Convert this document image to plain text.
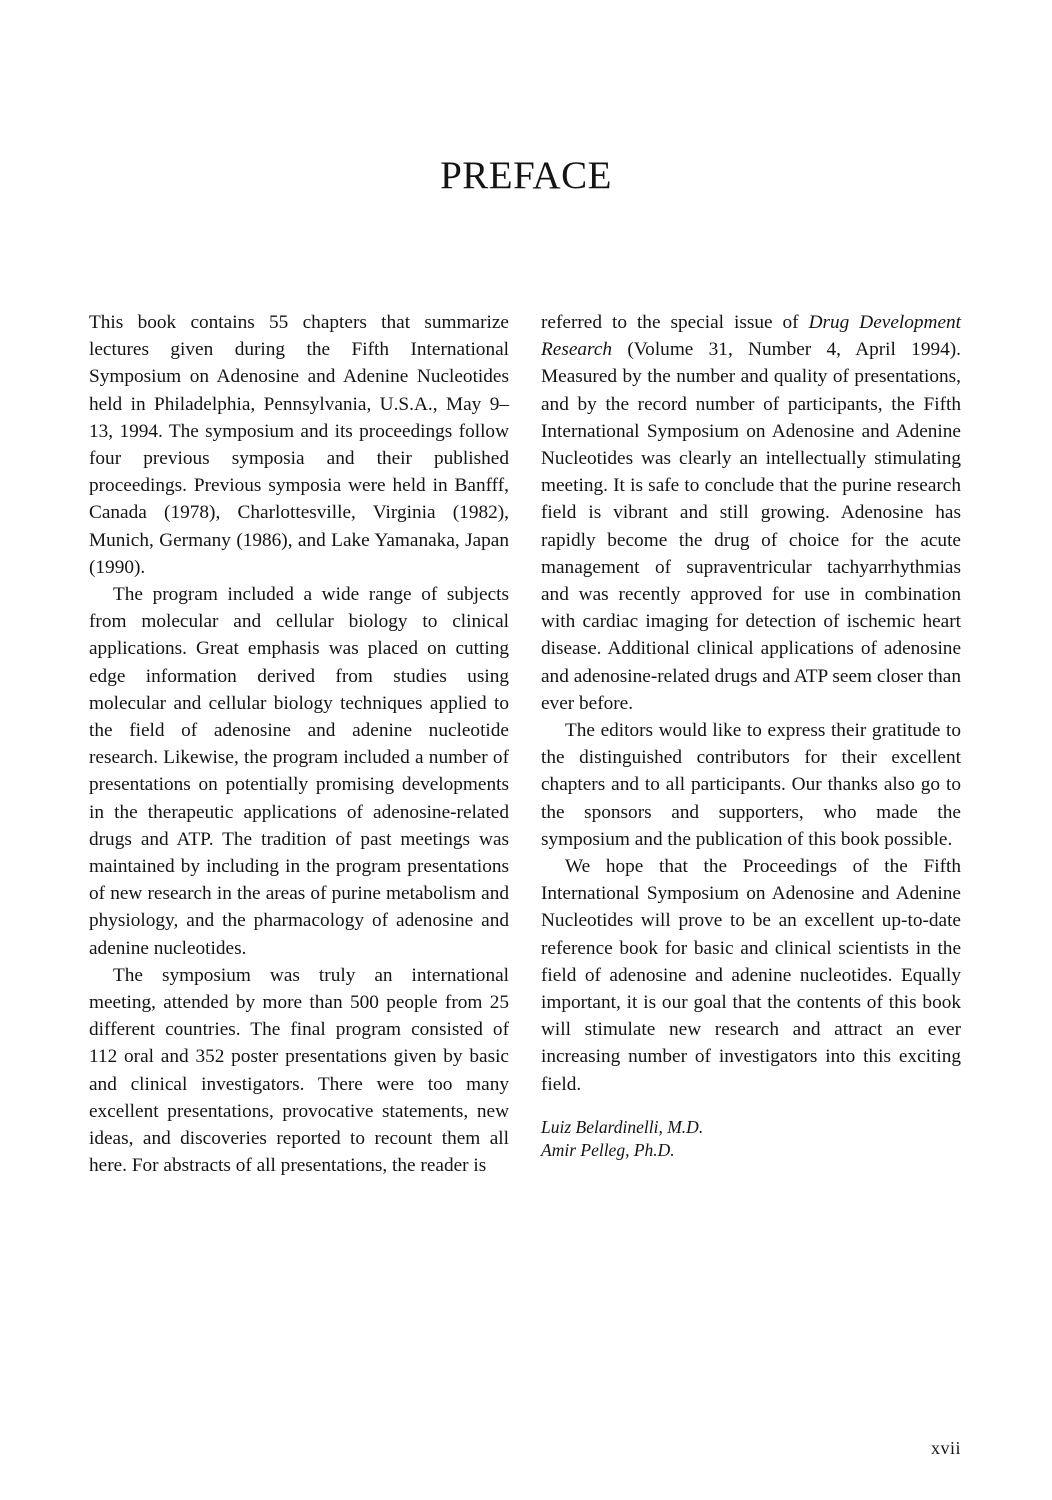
PREFACE

This book contains 55 chapters that summarize lectures given during the Fifth International Symposium on Adenosine and Adenine Nucleotides held in Philadelphia, Pennsylvania, U.S.A., May 9–13, 1994. The symposium and its proceedings follow four previous symposia and their published proceedings. Previous symposia were held in Banfff, Canada (1978), Charlottesville, Virginia (1982), Munich, Germany (1986), and Lake Yamanaka, Japan (1990).

The program included a wide range of subjects from molecular and cellular biology to clinical applications. Great emphasis was placed on cutting edge information derived from studies using molecular and cellular biology techniques applied to the field of adenosine and adenine nucleotide research. Likewise, the program included a number of presentations on potentially promising developments in the therapeutic applications of adenosine-related drugs and ATP. The tradition of past meetings was maintained by including in the program presentations of new research in the areas of purine metabolism and physiology, and the pharmacology of adenosine and adenine nucleotides.

The symposium was truly an international meeting, attended by more than 500 people from 25 different countries. The final program consisted of 112 oral and 352 poster presentations given by basic and clinical investigators. There were too many excellent presentations, provocative statements, new ideas, and discoveries reported to recount them all here. For abstracts of all presentations, the reader is

referred to the special issue of Drug Development Research (Volume 31, Number 4, April 1994). Measured by the number and quality of presentations, and by the record number of participants, the Fifth International Symposium on Adenosine and Adenine Nucleotides was clearly an intellectually stimulating meeting. It is safe to conclude that the purine research field is vibrant and still growing. Adenosine has rapidly become the drug of choice for the acute management of supraventricular tachyarrhythmias and was recently approved for use in combination with cardiac imaging for detection of ischemic heart disease. Additional clinical applications of adenosine and adenosine-related drugs and ATP seem closer than ever before.

The editors would like to express their gratitude to the distinguished contributors for their excellent chapters and to all participants. Our thanks also go to the sponsors and supporters, who made the symposium and the publication of this book possible.

We hope that the Proceedings of the Fifth International Symposium on Adenosine and Adenine Nucleotides will prove to be an excellent up-to-date reference book for basic and clinical scientists in the field of adenosine and adenine nucleotides. Equally important, it is our goal that the contents of this book will stimulate new research and attract an ever increasing number of investigators into this exciting field.

Luiz Belardinelli, M.D.
Amir Pelleg, Ph.D.
xvii
